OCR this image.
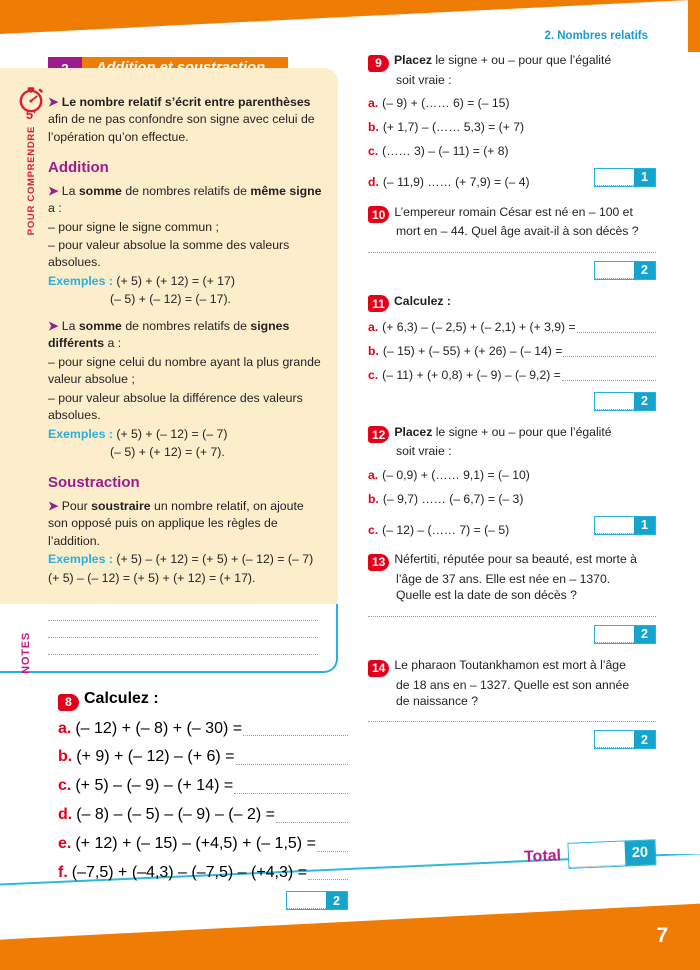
7
2. Nombres relatifs
5'
POUR COMPRENDRE

➤ Le nombre relatif s’écrit entre parenthèses afin de ne pas confondre son signe avec celui de l’opération qu’on effectue.

Addition

➤ La somme de nombres relatifs de même signe a :

– pour signe le signe commun ;

– pour valeur absolue la somme des valeurs absolues.

Exemples : (+ 5) + (+ 12) = (+ 17)

(– 5) + (– 12) = (– 17).

➤ La somme de nombres relatifs de signes différents a :

– pour signe celui du nombre ayant la plus grande valeur absolue ;

– pour valeur absolue la différence des valeurs absolues.

Exemples : (+ 5) + (– 12) = (– 7)

(– 5) + (+ 12) = (+ 7).

Soustraction

➤ Pour soustraire un nombre relatif, on ajoute son opposé puis on applique les règles de l’addition.

Exemples : (+ 5) – (+ 12) = (+ 5) + (– 12) = (– 7)

(+ 5) – (– 12) = (+ 5) + (+ 12) = (+ 17).

NOTES
8 Calculez :
a. (– 12) + (– 8) + (– 30) =
b. (+ 9) + (– 12) – (+ 6) =
c. (+ 5) – (– 9) – (+ 14) =
d. (– 8) – (– 5) – (– 9) – (– 2) =
e. (+ 12) + (– 15) – (+4,5) + (– 1,5) =
f. (–7,5) + (–4,3) – (–7,5) – (+4,3) =
2
9 Placez le signe + ou – pour que l’égalité
soit vraie :
a. (– 9) + (…… 6) = (– 15)
b. (+ 1,7) – (…… 5,3) = (+ 7)
c. (…… 3) – (– 11) = (+ 8)
d. (– 11,9) …… (+ 7,9) = (– 4)	1
10 L’empereur romain César est né en – 100 et
mort en – 44. Quel âge avait-il à son décès ?
2
11 Calculez :
a. (+ 6,3) – (– 2,5) + (– 2,1) + (+ 3,9) =
b. (– 15) + (– 55) + (+ 26) – (– 14) =
c. (– 11) + (+ 0,8) + (– 9) – (– 9,2) =
2
12 Placez le signe + ou – pour que l’égalité
soit vraie :
a. (– 0,9) + (…… 9,1) = (– 10)
b. (– 9,7) …… (– 6,7) = (– 3)
c. (– 12) – (…… 7) = (– 5)	1
13 Néfertiti, réputée pour sa beauté, est morte à
l’âge de 37 ans. Elle est née en – 1370.
Quelle est la date de son décès ?
2
14 Le pharaon Toutankhamon est mort à l’âge
de 18 ans en – 1327. Quelle est son année
de naissance ?
2
Total	20
